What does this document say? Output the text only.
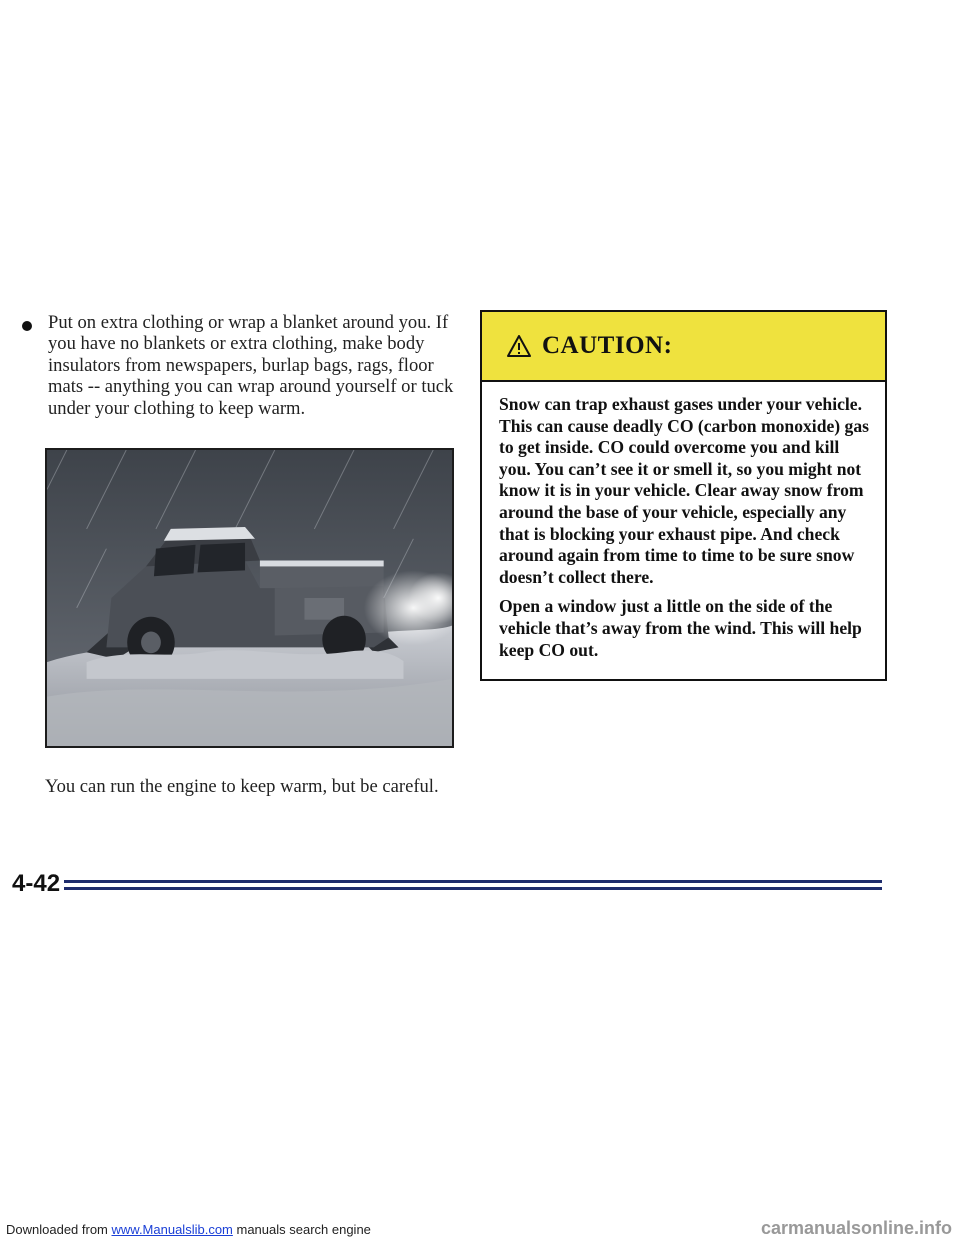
Put on extra clothing or wrap a blanket around you. If you have no blankets or extra clothing, make body insulators from newspapers, burlap bags, rags, floor mats -- anything you can wrap around yourself or tuck under your clothing to keep warm.

You can run the engine to keep warm, but be careful.

CAUTION:

Snow can trap exhaust gases under your vehicle. This can cause deadly CO (carbon monoxide) gas to get inside. CO could overcome you and kill you. You can’t see it or smell it, so you might not know it is in your vehicle. Clear away snow from around the base of your vehicle, especially any that is blocking your exhaust pipe. And check around again from time to time to be sure snow doesn’t collect there.

Open a window just a little on the side of the vehicle that’s away from the wind. This will help keep CO out.

4-42
Downloaded from www.Manualslib.com manuals search engine	carmanualsonline.info
